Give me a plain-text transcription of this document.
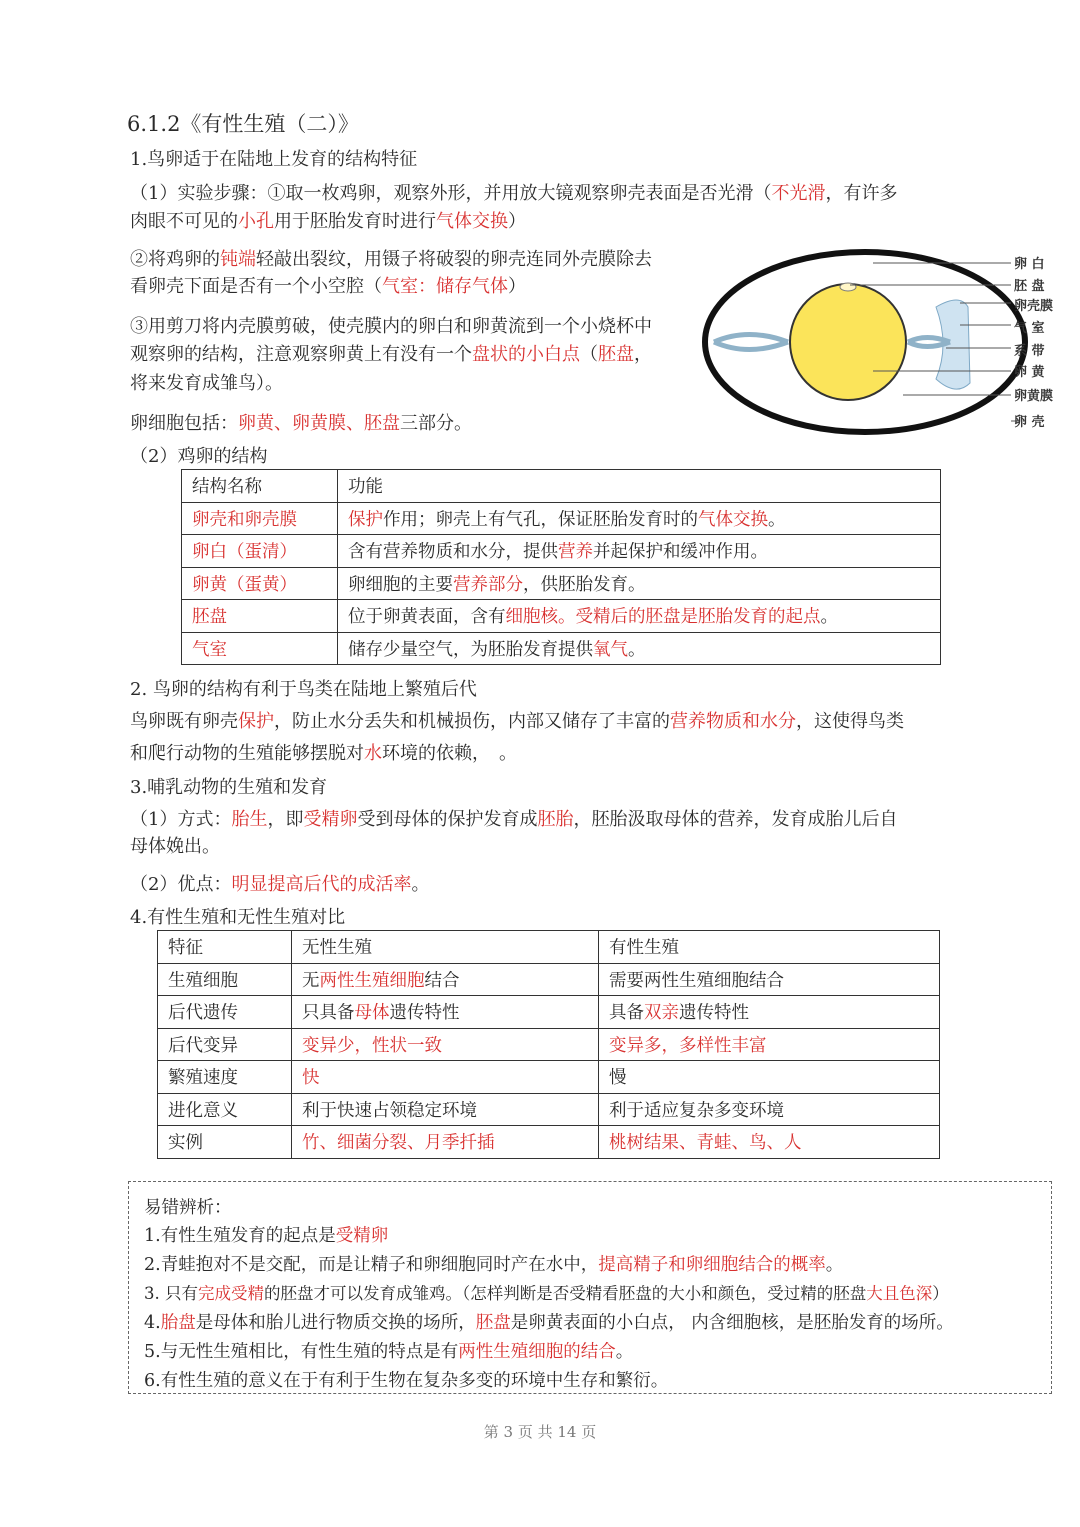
6.1.2《有性生殖（二）》
1.鸟卵适于在陆地上发育的结构特征
（1）实验步骤：①取一枚鸡卵，观察外形，并用放大镜观察卵壳表面是否光滑（不光滑，有许多
肉眼不可见的小孔用于胚胎发育时进行气体交换）
②将鸡卵的钝端轻敲出裂纹，用镊子将破裂的卵壳连同外壳膜除去
看卵壳下面是否有一个小空腔（气室：储存气体）
③用剪刀将内壳膜剪破，使壳膜内的卵白和卵黄流到一个小烧杯中
观察卵的结构，注意观察卵黄上有没有一个盘状的小白点（胚盘，
将来发育成雏鸟）。
卵细胞包括：卵黄、卵黄膜、胚盘三部分。
（2）鸡卵的结构
卵 白
胚 盘
卵壳膜
气 室
系 带
卵 黄
卵黄膜
卵 壳
结构名称	功能
卵壳和卵壳膜	保护作用；卵壳上有气孔，保证胚胎发育时的气体交换。
卵白（蛋清）	含有营养物质和水分，提供营养并起保护和缓冲作用。
卵黄（蛋黄）	卵细胞的主要营养部分，供胚胎发育。
胚盘	位于卵黄表面，含有细胞核。受精后的胚盘是胚胎发育的起点。
气室	储存少量空气，为胚胎发育提供氧气。
2. 鸟卵的结构有利于鸟类在陆地上繁殖后代
鸟卵既有卵壳保护，防止水分丢失和机械损伤，内部又储存了丰富的营养物质和水分，这使得鸟类
和爬行动物的生殖能够摆脱对水环境的依赖，　。
3.哺乳动物的生殖和发育
（1）方式：胎生，即受精卵受到母体的保护发育成胚胎，胚胎汲取母体的营养，发育成胎儿后自
母体娩出。
（2）优点：明显提高后代的成活率。
4.有性生殖和无性生殖对比
特征	无性生殖	有性生殖
生殖细胞	无两性生殖细胞结合	需要两性生殖细胞结合
后代遗传	只具备母体遗传特性	具备双亲遗传特性
后代变异	变异少，性状一致	变异多，多样性丰富
繁殖速度	快	慢
进化意义	利于快速占领稳定环境	利于适应复杂多变环境
实例	竹、细菌分裂、月季扦插	桃树结果、青蛙、鸟、人
易错辨析：
1.有性生殖发育的起点是受精卵
2.青蛙抱对不是交配，而是让精子和卵细胞同时产在水中，提高精子和卵细胞结合的概率。
3. 只有完成受精的胚盘才可以发育成雏鸡。（怎样判断是否受精看胚盘的大小和颜色，受过精的胚盘大且色深）
4.胎盘是母体和胎儿进行物质交换的场所，胚盘是卵黄表面的小白点， 内含细胞核，是胚胎发育的场所。
5.与无性生殖相比，有性生殖的特点是有两性生殖细胞的结合。
6.有性生殖的意义在于有利于生物在复杂多变的环境中生存和繁衍。
第 3 页 共 14 页
